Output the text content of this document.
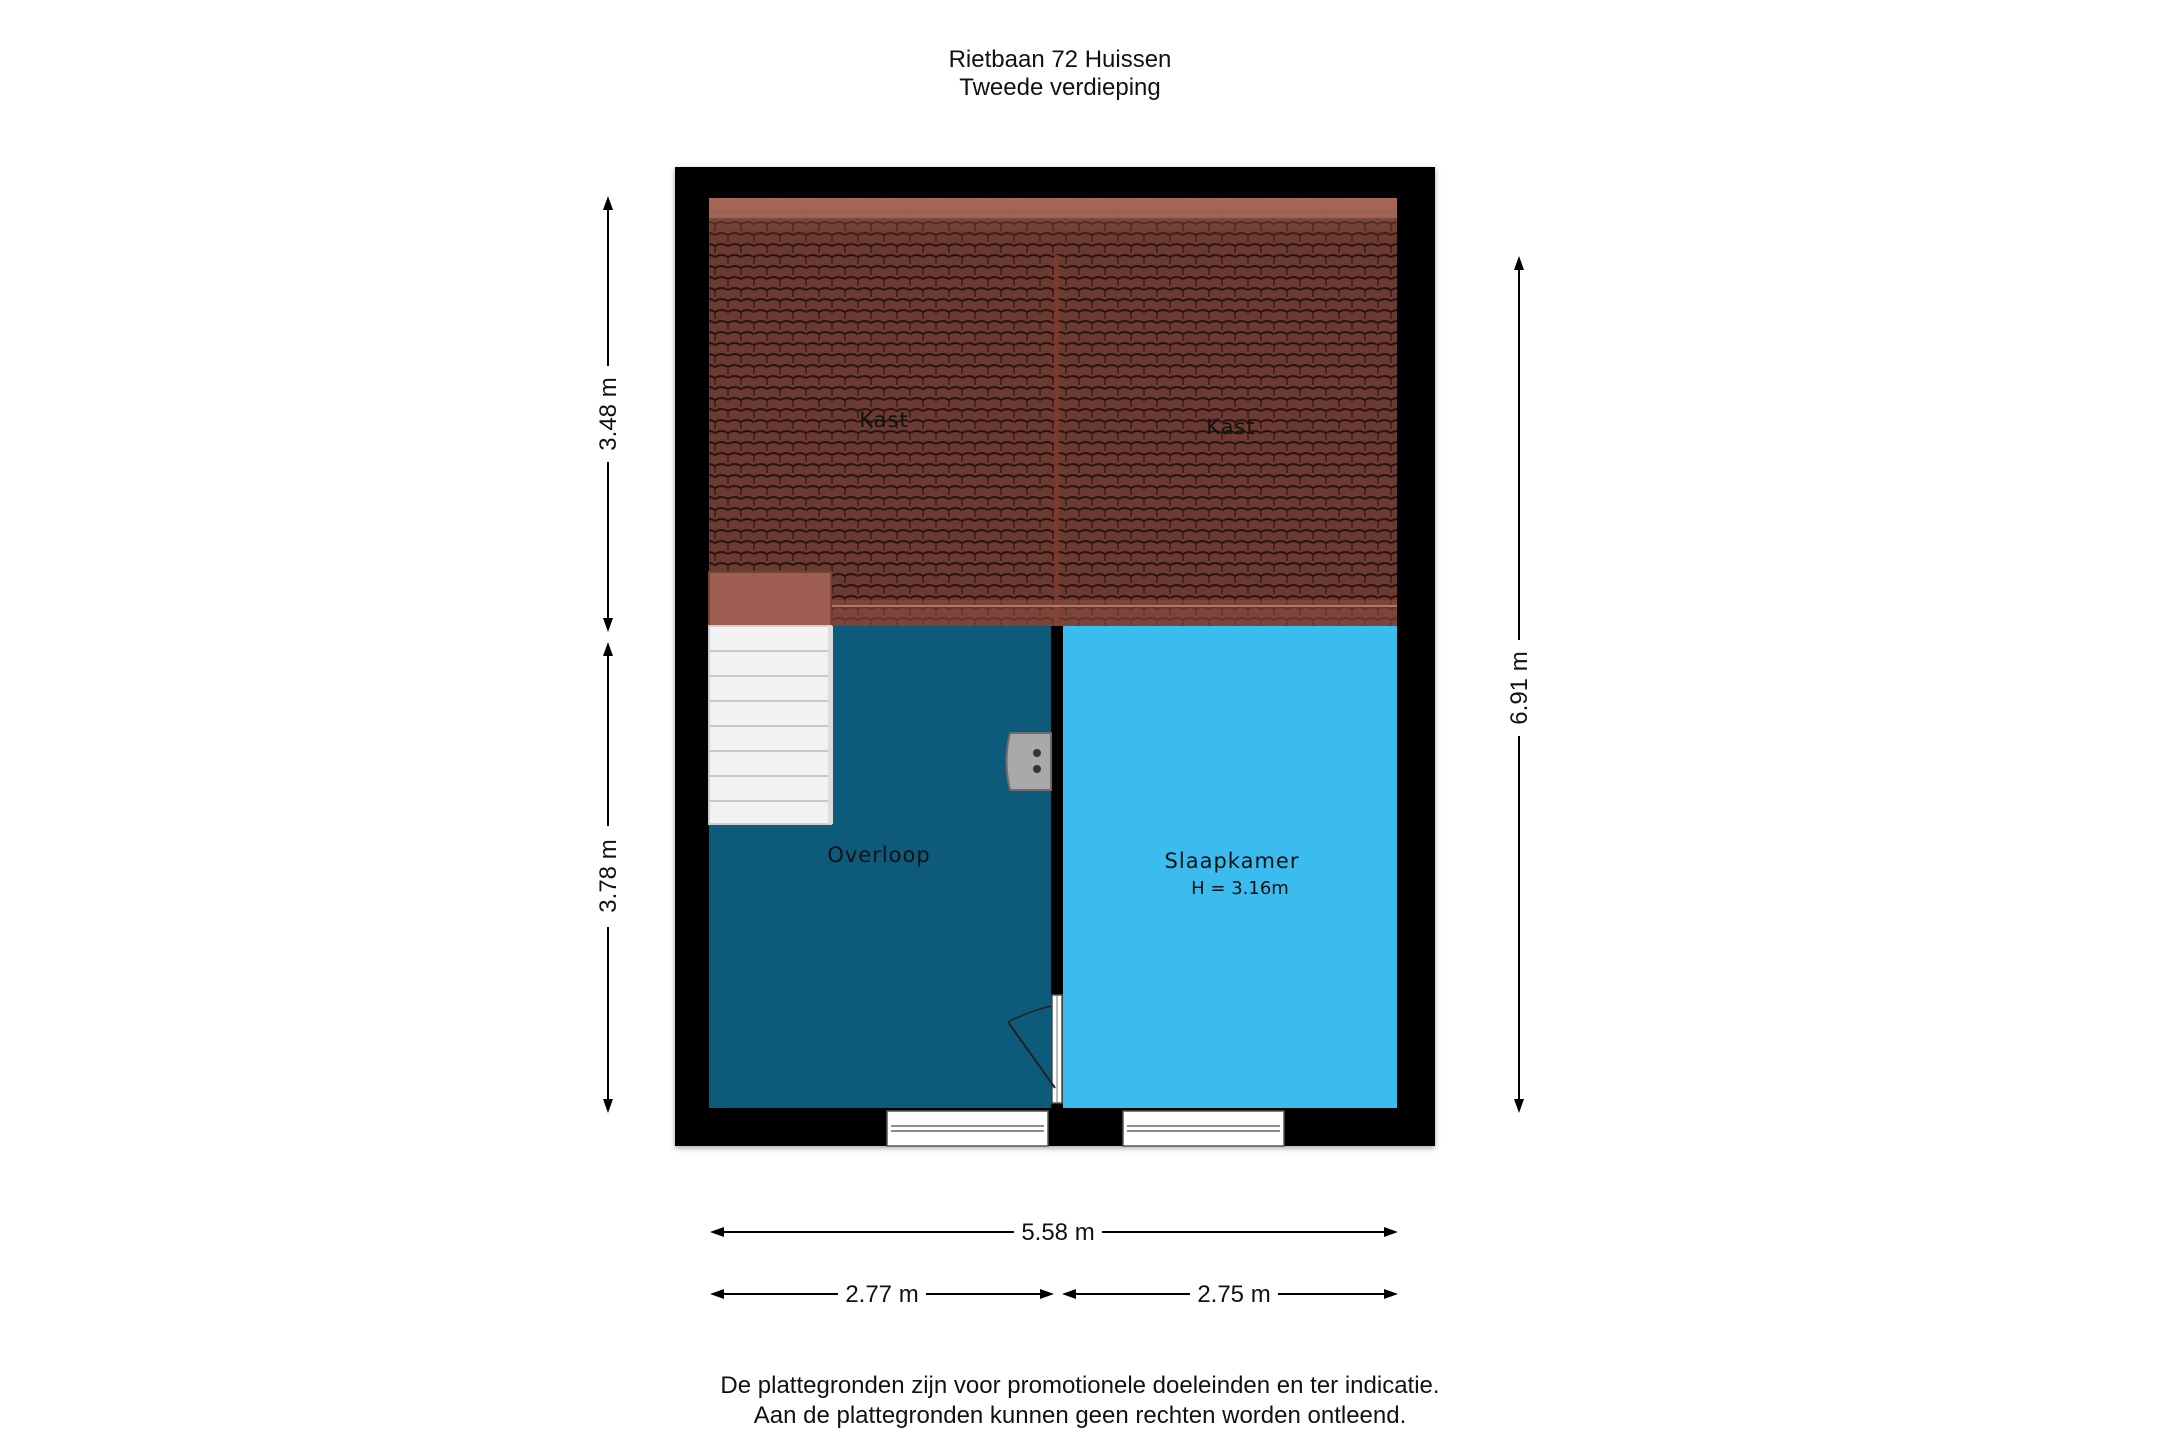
Rietbaan 72 Huissen
Tweede verdieping
Kast	Kast
Overloop	Slaapkamer
H = 3.16m
3.48 m
3.78 m
6.91 m
5.58 m
2.77 m	2.75 m
De plattegronden zijn voor promotionele doeleinden en ter indicatie.
Aan de plattegronden kunnen geen rechten worden ontleend.
